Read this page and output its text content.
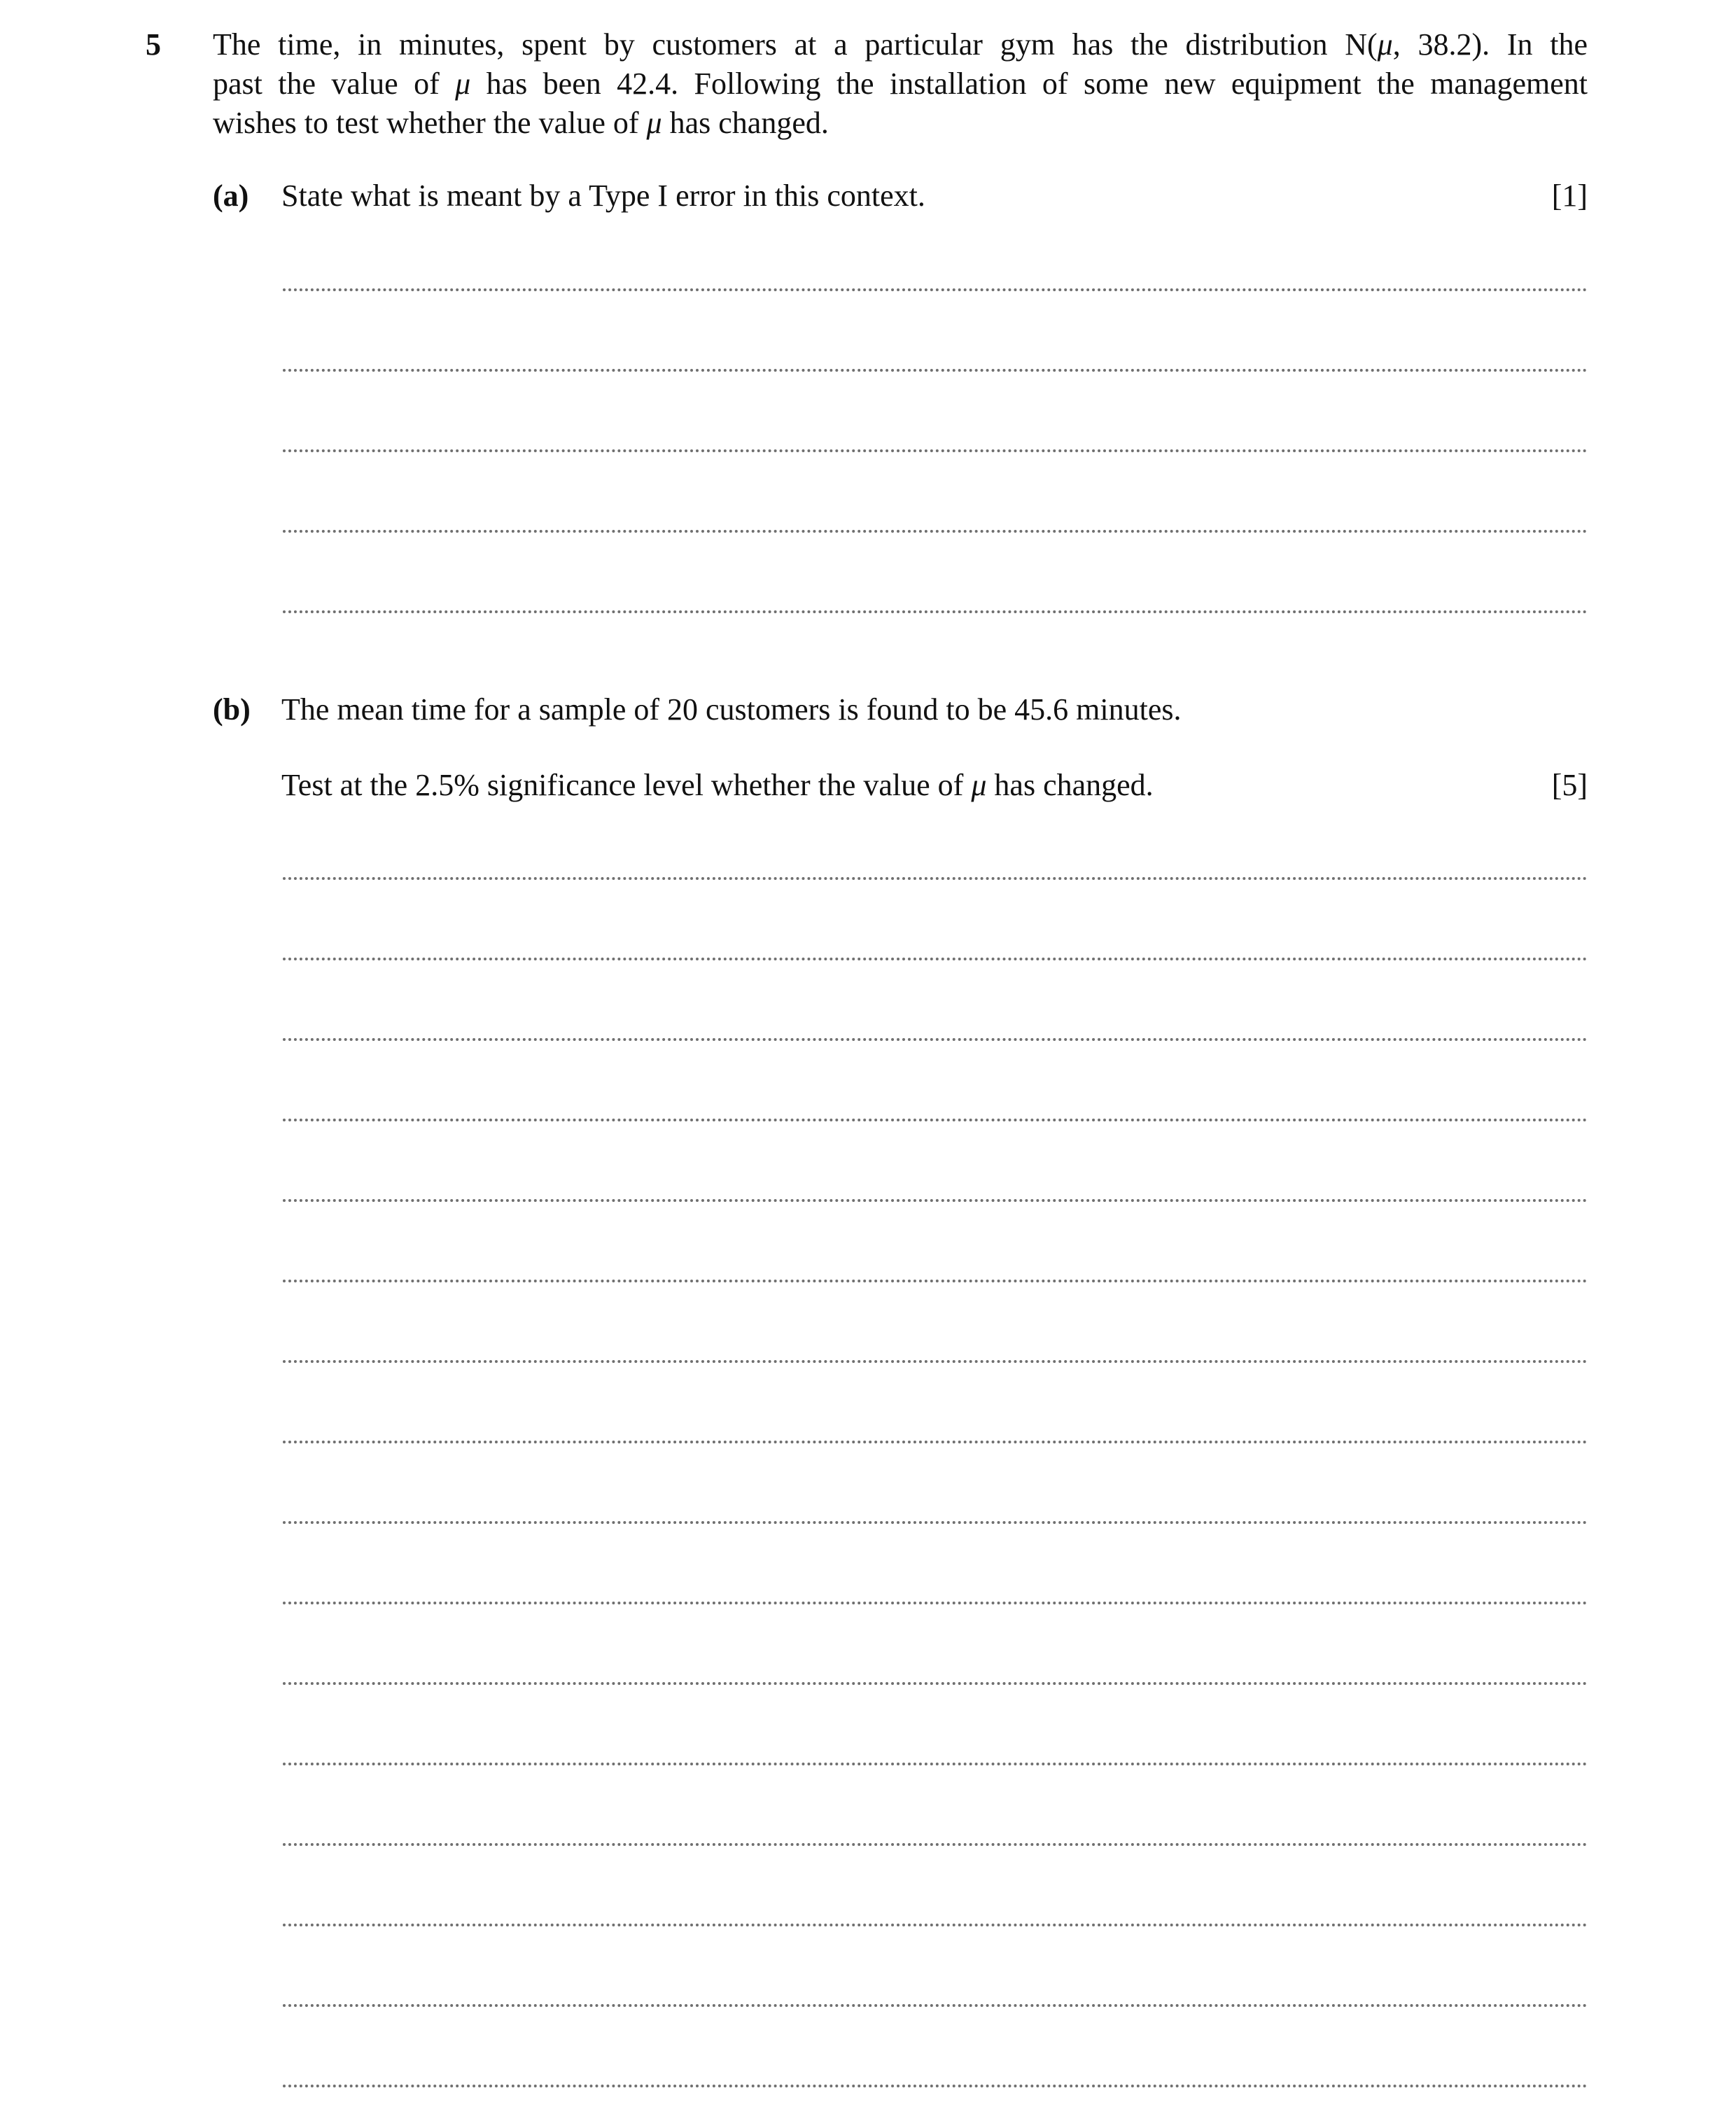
5 The time, in minutes, spent by customers at a particular gym has the distribution N(μ, 38.2). In the
past the value of μ has been 42.4. Following the installation of some new equipment the management
wishes to test whether the value of μ has changed.
(a) State what is meant by a Type I error in this context.	[1]
(b) The mean time for a sample of 20 customers is found to be 45.6 minutes.
Test at the 2.5% significance level whether the value of μ has changed.	[5]
